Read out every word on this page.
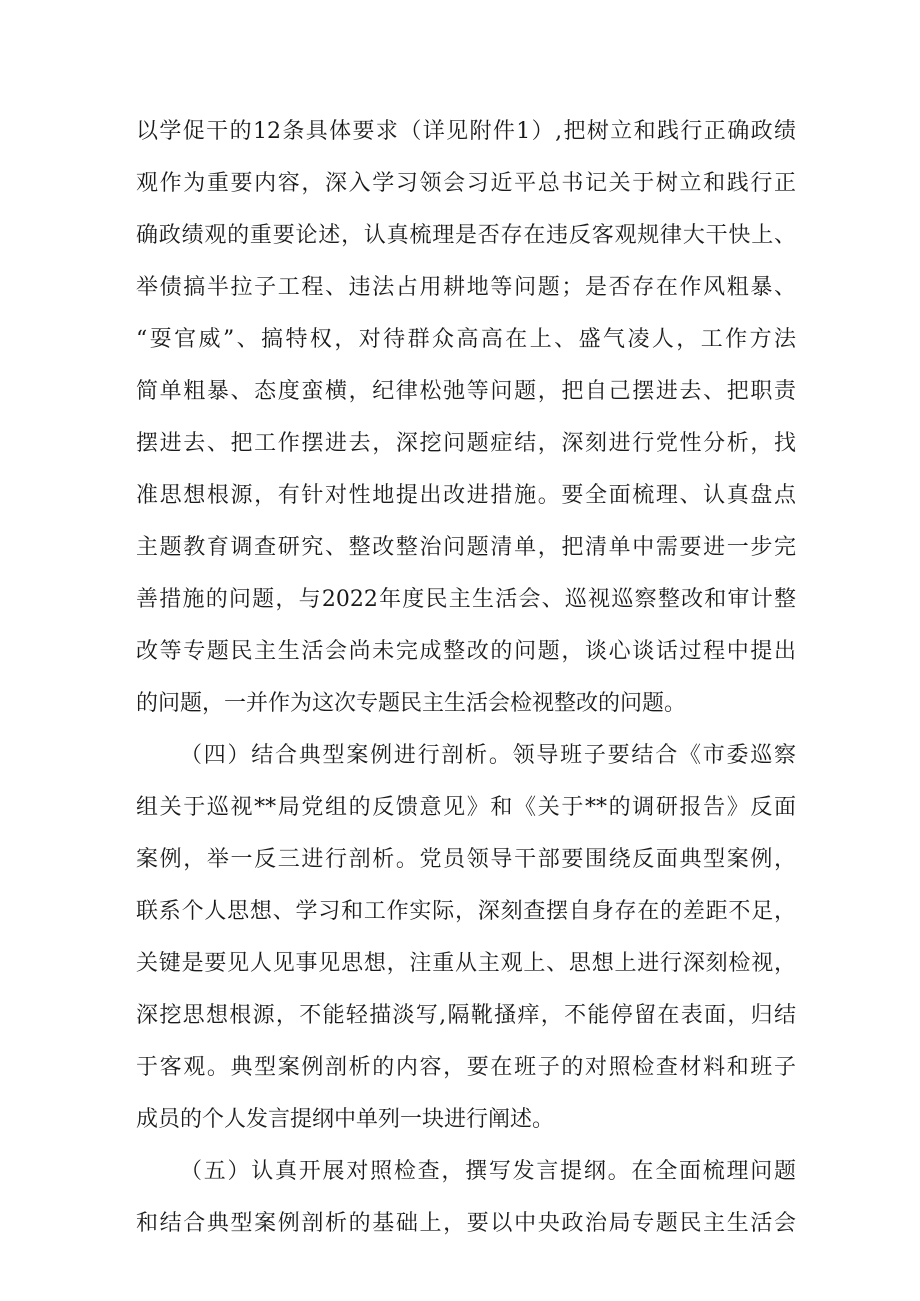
以学促干的12条具体要求（详见附件1）,把树立和践行正确政绩
观作为重要内容，深入学习领会习近平总书记关于树立和践行正
确政绩观的重要论述，认真梳理是否存在违反客观规律大干快上、
举债搞半拉子工程、违法占用耕地等问题；是否存在作风粗暴、
“耍官威”、搞特权，对待群众高高在上、盛气凌人，工作方法
简单粗暴、态度蛮横，纪律松弛等问题，把自己摆进去、把职责
摆进去、把工作摆进去，深挖问题症结，深刻进行党性分析，找
准思想根源，有针对性地提出改进措施。要全面梳理、认真盘点
主题教育调查研究、整改整治问题清单，把清单中需要进一步完
善措施的问题，与2022年度民主生活会、巡视巡察整改和审计整
改等专题民主生活会尚未完成整改的问题，谈心谈话过程中提出
的问题，一并作为这次专题民主生活会检视整改的问题。
（四）结合典型案例进行剖析。领导班子要结合《市委巡察
组关于巡视**局党组的反馈意见》和《关于**的调研报告》反面
案例，举一反三进行剖析。党员领导干部要围绕反面典型案例，
联系个人思想、学习和工作实际，深刻查摆自身存在的差距不足，
关键是要见人见事见思想，注重从主观上、思想上进行深刻检视，
深挖思想根源，不能轻描淡写,隔靴搔痒，不能停留在表面，归结
于客观。典型案例剖析的内容，要在班子的对照检查材料和班子
成员的个人发言提纲中单列一块进行阐述。
（五）认真开展对照检查，撰写发言提纲。在全面梳理问题
和结合典型案例剖析的基础上，要以中央政治局专题民主生活会
